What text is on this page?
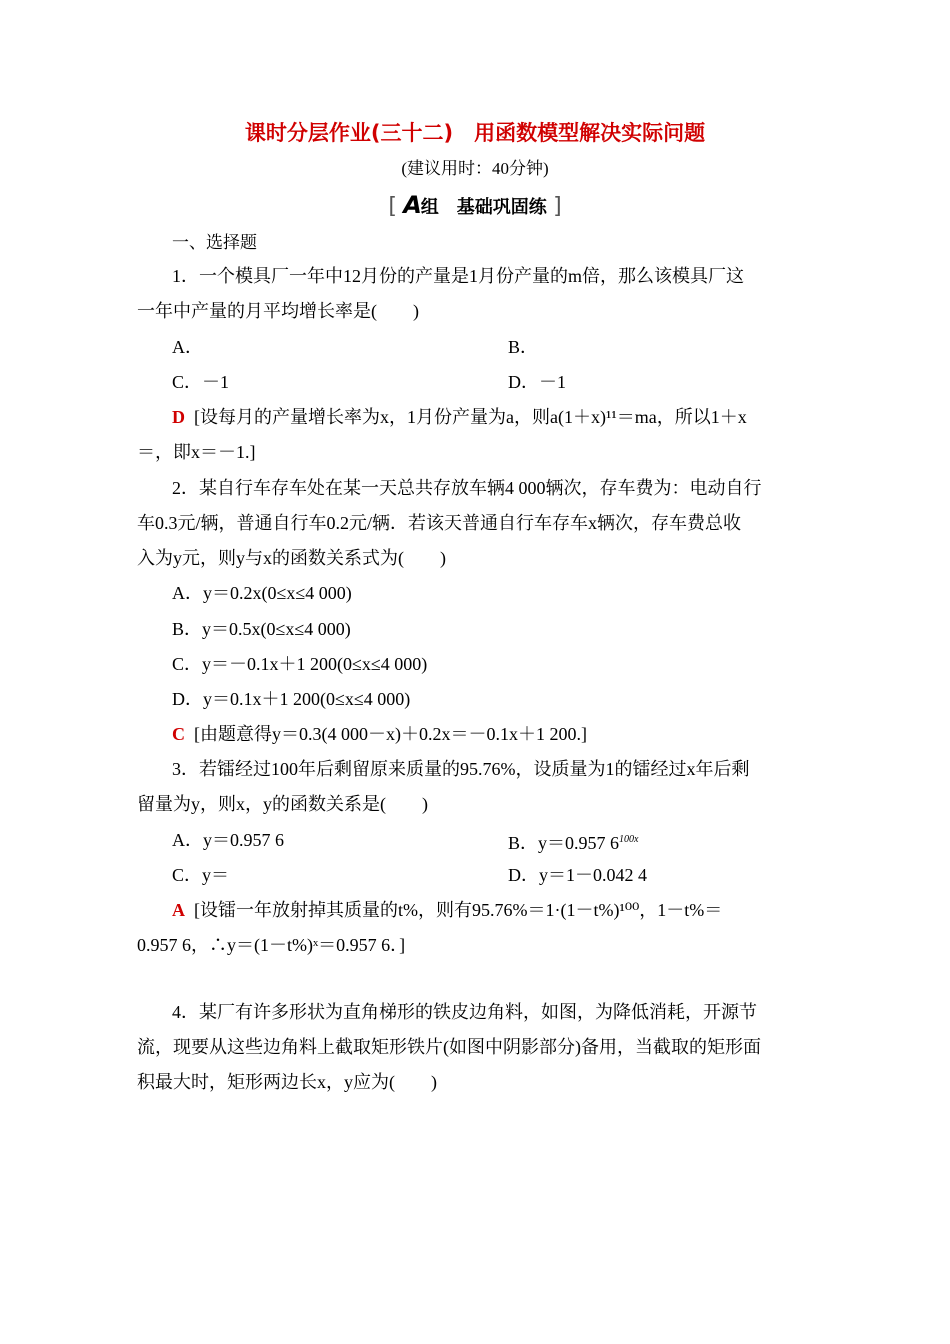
课时分层作业(三十二)　用函数模型解决实际问题
(建议用时：40分钟)
[ A组　基础巩固练 ]
一、选择题
1．一个模具厂一年中12月份的产量是1月份产量的m倍，那么该模具厂这
一年中产量的月平均增长率是(　　)
A．	B．
C．－1	D．－1
D [设每月的产量增长率为x，1月份产量为a，则a(1＋x)¹¹＝ma，所以1＋x
＝，即x＝－1.]
2．某自行车存车处在某一天总共存放车辆4 000辆次，存车费为：电动自行
车0.3元/辆，普通自行车0.2元/辆．若该天普通自行车存车x辆次，存车费总收
入为y元，则y与x的函数关系式为(　　)
A．y＝0.2x(0≤x≤4 000)
B．y＝0.5x(0≤x≤4 000)
C．y＝－0.1x＋1 200(0≤x≤4 000)
D．y＝0.1x＋1 200(0≤x≤4 000)
C [由题意得y＝0.3(4 000－x)＋0.2x＝－0.1x＋1 200.]
3．若镭经过100年后剩留原来质量的95.76%，设质量为1的镭经过x年后剩
留量为y，则x，y的函数关系是(　　)
A．y＝0.957 6	B．y＝0.957 $6^{100x}$
C．y＝	D．y＝1－0.042 4
A [设镭一年放射掉其质量的t%，则有95.76%＝1·(1－t%)¹⁰⁰，1－t%＝
0.957 6，∴y＝(1－t%)ˣ＝0.957 6．]
4．某厂有许多形状为直角梯形的铁皮边角料，如图，为降低消耗，开源节
流，现要从这些边角料上截取矩形铁片(如图中阴影部分)备用，当截取的矩形面
积最大时，矩形两边长x，y应为(　　)
